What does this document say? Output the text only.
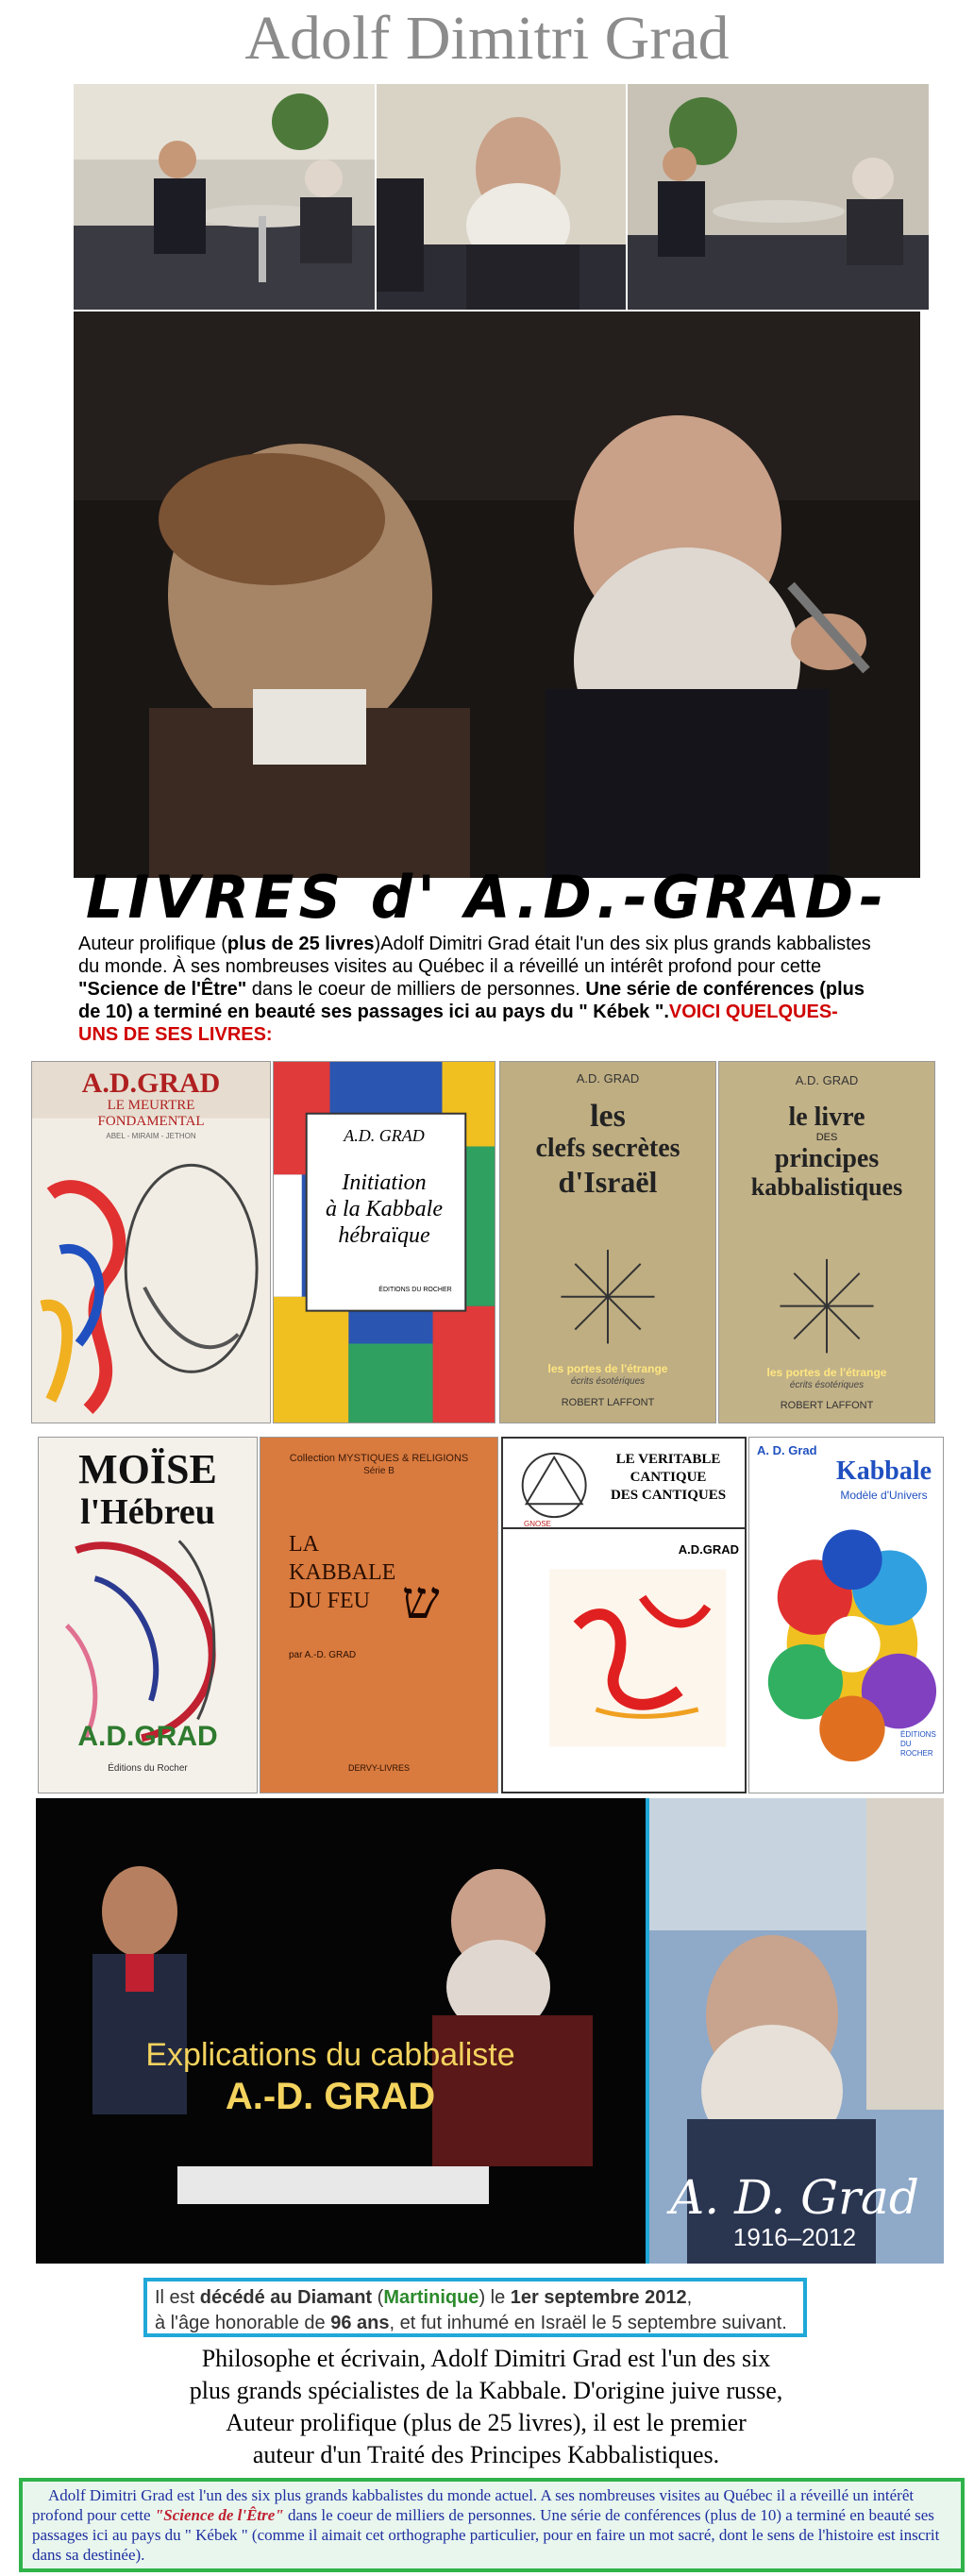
Adolf Dimitri Grad
LIVRES d' A.D.-GRAD-
Auteur prolifique (plus de 25 livres)Adolf Dimitri Grad était l'un des six plus grands kabbalistes du monde. À ses nombreuses visites au Québec il a réveillé un intérêt profond pour cette "Science de l'Être" dans le coeur de milliers de personnes. Une série de conférences (plus de 10) a terminé en beauté ses passages ici au pays du " Kébek ".VOICI QUELQUES-UNS DE SES LIVRES:
A.D.GRAD
LE MEURTRE
FONDAMENTAL
ABEL - MIRAIM - JETHON	A.D. GRAD
Initiation
à la Kabbale
hébraïque
ÉDITIONS DU ROCHER
A.D. GRAD
les
clefs secrètes
d'Israël
les portes de l'étrange
écrits ésotériques
ROBERT LAFFONT
A.D. GRAD
le livre
DES
principes
kabbalistiques
les portes de l'étrange
écrits ésotériques
ROBERT LAFFONT
MOÏSE
l'Hébreu
A.D.GRAD
Éditions du Rocher
Collection MYSTIQUES & RELIGIONS
Série B
LA
KABBALE
DU FEU ש
par A.-D. GRAD
DERVY-LIVRES
GNOSE
LE VERITABLE
CANTIQUE
DES CANTIQUES
A.D.GRAD
A. D. Grad
Kabbale
Modèle d'Univers
ÉDITIONS DU ROCHER
Explications du cabbaliste
A.-D. GRAD
A. D. Grad
1916–2012
Il est décédé au Diamant (Martinique) le 1er septembre 2012,
à l'âge honorable de 96 ans, et fut inhumé en Israël le 5 septembre suivant.
Philosophe et écrivain, Adolf Dimitri Grad est l'un des six
plus grands spécialistes de la Kabbale. D'origine juive russe,
Auteur prolifique (plus de 25 livres), il est le premier
auteur d'un Traité des Principes Kabbalistiques.
Adolf Dimitri Grad est l'un des six plus grands kabbalistes du monde actuel. A ses nombreuses visites au Québec il a réveillé un intérêt profond pour cette "Science de l'Être" dans le coeur de milliers de personnes. Une série de conférences (plus de 10) a terminé en beauté ses passages ici au pays du " Kébek " (comme il aimait cet orthographe particulier, pour en faire un mot sacré, dont le sens de l'histoire est inscrit dans sa destinée).
